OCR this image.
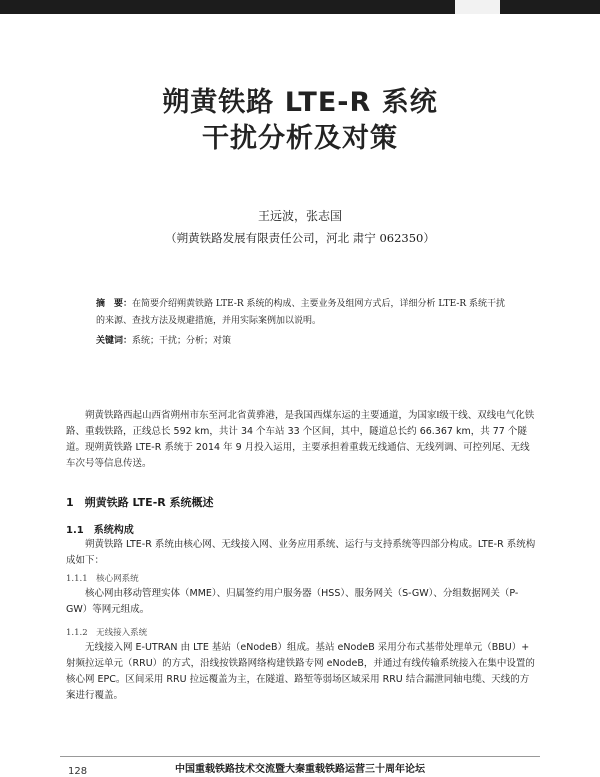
朔黄铁路 LTE-R 系统
干扰分析及对策
王远波，张志国
（朔黄铁路发展有限责任公司，河北 肃宁 062350）
摘　要：在简要介绍朔黄铁路 LTE-R 系统的构成、主要业务及组网方式后，详细分析 LTE-R 系统干扰的来源、查找方法及规避措施，并用实际案例加以说明。
关键词：系统；干扰；分析；对策

朔黄铁路西起山西省朔州市东至河北省黄骅港，是我国西煤东运的主要通道，为国家Ⅰ级干线、双线电气化铁路、重载铁路，正线总长 592 km，共计 34 个车站 33 个区间，其中，隧道总长约 66.367 km，共 77 个隧道。现朔黄铁路 LTE-R 系统于 2014 年 9 月投入运用，主要承担着重载无线通信、无线列调、可控列尾、无线车次号等信息传送。

1　朔黄铁路 LTE-R 系统概述
1.1　系统构成

朔黄铁路 LTE-R 系统由核心网、无线接入网、业务应用系统、运行与支持系统等四部分构成。LTE-R 系统构成如下：

1.1.1　核心网系统

核心网由移动管理实体（MME）、归属签约用户服务器（HSS）、服务网关（S-GW）、分组数据网关（P-GW）等网元组成。

1.1.2　无线接入系统

无线接入网 E-UTRAN 由 LTE 基站（eNodeB）组成。基站 eNodeB 采用分布式基带处理单元（BBU）+ 射频拉远单元（RRU）的方式，沿线按铁路网络构建铁路专网 eNodeB，并通过有线传输系统接入在集中设置的核心网 EPC。区间采用 RRU 拉远覆盖为主，在隧道、路堑等弱场区域采用 RRU 结合漏泄同轴电缆、天线的方案进行覆盖。

128	中国重载铁路技术交流暨大秦重载铁路运营三十周年论坛
